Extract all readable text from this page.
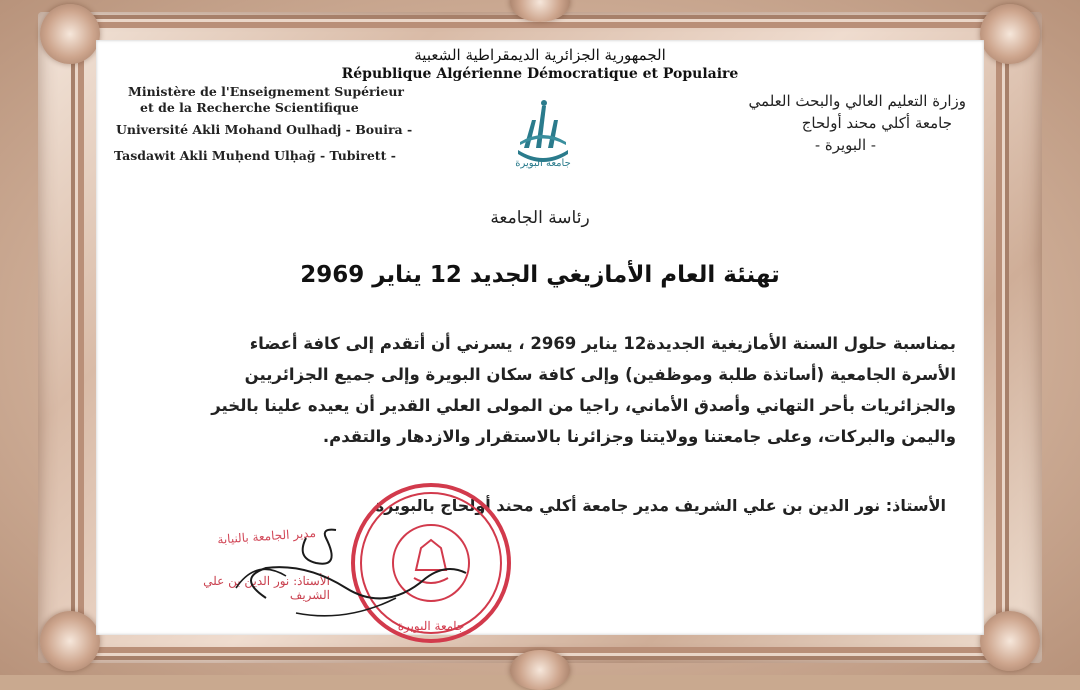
الجمهورية الجزائرية الديمقراطية الشعبية
République Algérienne Démocratique et Populaire
Ministère de l'Enseignement Supérieur
et de la Recherche Scientifique
Université Akli Mohand Oulhadj - Bouira -
Tasdawit Akli Muḥend Ulḥağ - Tubirett -
وزارة التعليم العالي والبحث العلمي
جامعة أكلي محند أولحاج
- البويرة -
جامعة البويرة
رئاسة الجامعة
تهنئة العام الأمازيغي الجديد 12 يناير 2969
بمناسبة حلول السنة الأمازيغية الجديدة12 يناير 2969 ، يسرني أن أتقدم إلى كافة أعضاء
الأسرة الجامعية (أساتذة طلبة وموظفين) وإلى كافة سكان البويرة وإلى جميع الجزائريين
والجزائريات بأحر التهاني وأصدق الأماني، راجيا من المولى العلي القدير أن يعيده علينا بالخير
واليمن والبركات، وعلى جامعتنا وولايتنا وجزائرنا بالاستقرار والازدهار والتقدم.
الأستاذ: نور الدين بن علي الشريف مدير جامعة أكلي محند أولحاج بالبويرة
جامعة البويرة
مدير الجامعة بالنيابة
الأستاذ: نور الدين بن علي الشريف
